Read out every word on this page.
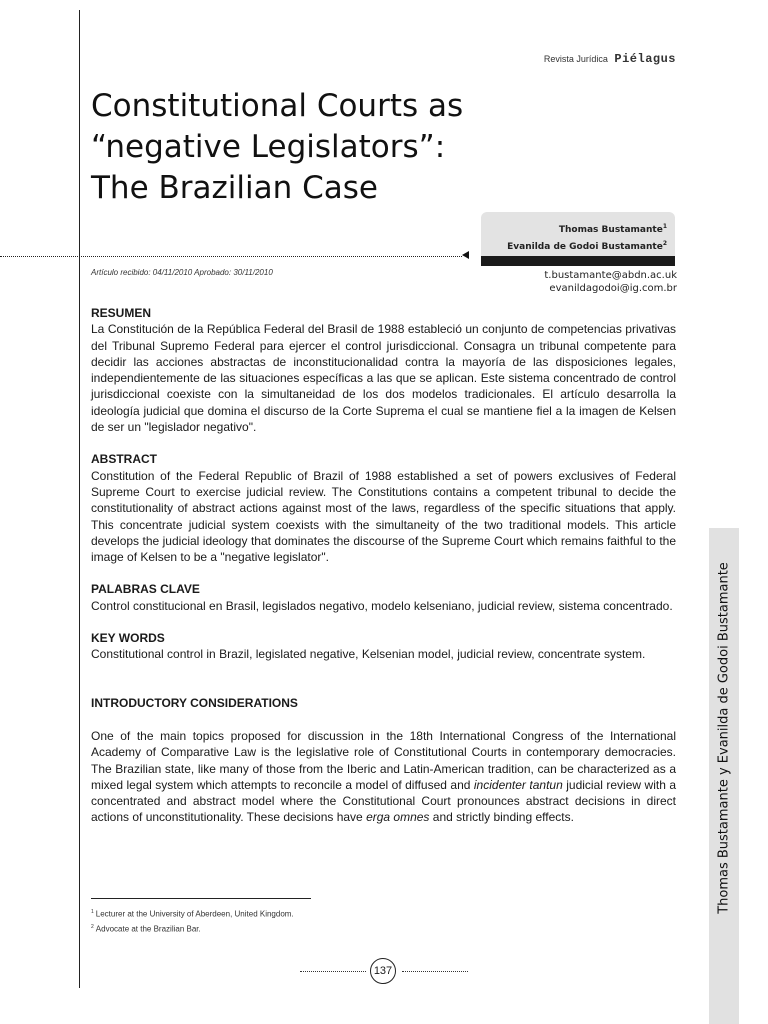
Revista Jurídica Piélagus
Constitutional Courts as
“negative Legislators”:
The Brazilian Case
Thomas Bustamante$^1$
Evanilda de Godoi Bustamante$^2$
Artículo recibido: 04/11/2010 Aprobado: 30/11/2010	t.bustamante@abdn.ac.uk
evanildagodoi@ig.com.br
RESUMEN

La Constitución de la República Federal del Brasil de 1988 estableció un conjunto de competencias privativas del Tribunal Supremo Federal para ejercer el control jurisdiccional. Consagra un tribunal competente para decidir las acciones abstractas de inconstitucionalidad contra la mayoría de las disposiciones legales, independientemente de las situaciones específicas a las que se aplican. Este sistema concentrado de control jurisdiccional coexiste con la simultaneidad de los dos modelos tradicionales. El artículo desarrolla la ideología judicial que domina el discurso de la Corte Suprema el cual se mantiene fiel a la imagen de Kelsen de ser un "legislador negativo".

ABSTRACT

Constitution of the Federal Republic of Brazil of 1988 established a set of powers exclusives of Federal Supreme Court to exercise judicial review. The Constitutions contains a competent tribunal to decide the constitutionality of abstract actions against most of the laws, regardless of the specific situations that apply. This concentrate judicial system coexists with the simultaneity of the two traditional models. This article develops the judicial ideology that dominates the discourse of the Supreme Court which remains faithful to the image of Kelsen to be a "negative legislator".

PALABRAS CLAVE

Control constitucional en Brasil, legislados negativo, modelo kelseniano, judicial review, sistema concentrado.

KEY WORDS

Constitutional control in Brazil, legislated negative, Kelsenian model, judicial review, concentrate system.

INTRODUCTORY CONSIDERATIONS

One of the main topics proposed for discussion in the 18th International Congress of the International Academy of Comparative Law is the legislative role of Constitutional Courts in contemporary democracies. The Brazilian state, like many of those from the Iberic and Latin-American tradition, can be characterized as a mixed legal system which attempts to reconcile a model of diffused and incidenter tantun judicial review with a concentrated and abstract model where the Constitutional Court pronounces abstract decisions in direct actions of unconstitutionality. These decisions have erga omnes and strictly binding effects.

$^1$ Lecturer at the University of Aberdeen, United Kingdom.
$^2$ Advocate at the Brazilian Bar.
137
Thomas Bustamante y Evanilda de Godoi Bustamante
